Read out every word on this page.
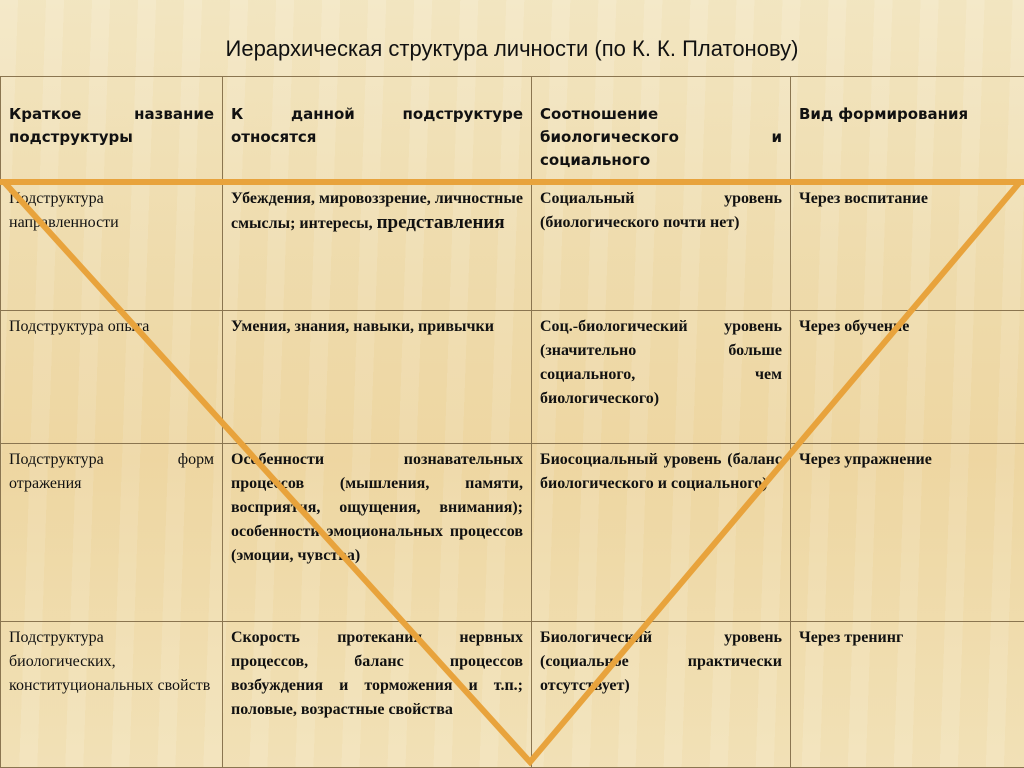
Иерархическая структура личности (по К. К. Платонову)
Краткое название подструктуры	К данной подструктуре относятся	Соотношение биологического и социального	Вид формирования
Подструктура направленности	Убеждения, мировоззрение, личностные смыслы; интересы, представления	Социальный уровень (биологического почти нет)	Через воспитание
Подструктура опыта	Умения, знания, навыки, привычки	Соц.-биологический уровень (значительно больше социального, чем биологического)	Через обучение
Подструктура форм отражения	Особенности познавательных процессов (мышления, памяти, восприятия, ощущения, внимания); особенности эмоциональных процессов (эмоции, чувства)	Биосоциальный уровень (баланс биологического и социального)	Через упражнение
Подструктура биологических, конституциональных свойств	Скорость протекания нервных процессов, баланс процессов возбуждения и торможения и т.п.; половые, возрастные свойства	Биологический уровень (социальное практически отсутствует)	Через тренинг
